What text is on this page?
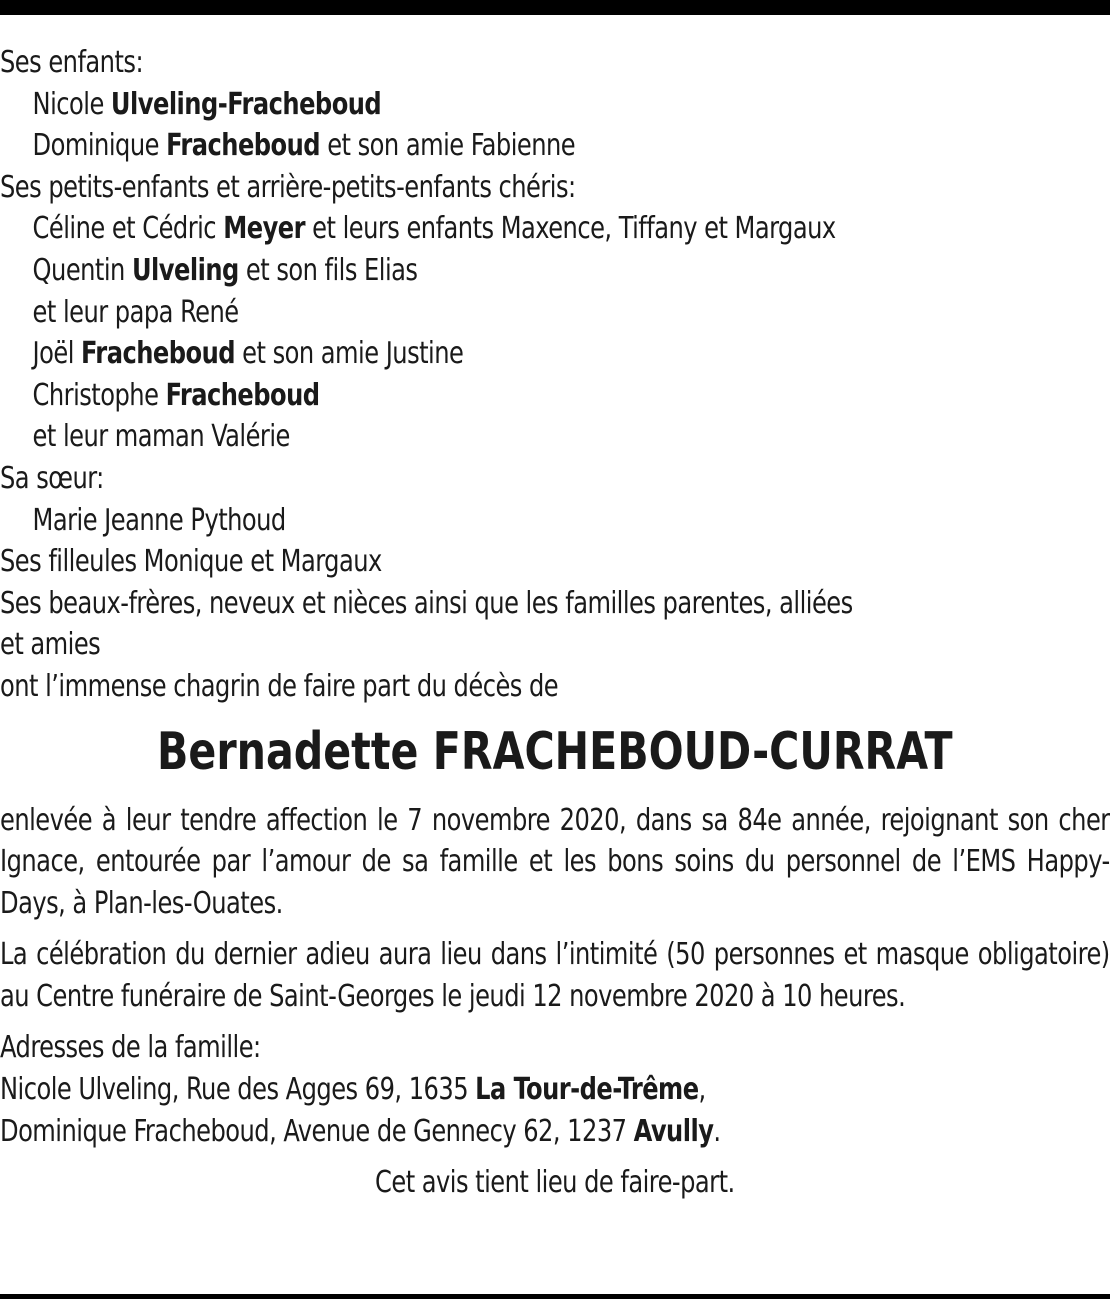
Ses enfants:
Nicole Ulveling-Fracheboud
Dominique Fracheboud et son amie Fabienne
Ses petits-enfants et arrière-petits-enfants chéris:
Céline et Cédric Meyer et leurs enfants Maxence, Tiffany et Margaux
Quentin Ulveling et son fils Elias
et leur papa René
Joël Fracheboud et son amie Justine
Christophe Fracheboud
et leur maman Valérie
Sa sœur:
Marie Jeanne Pythoud
Ses filleules Monique et Margaux
Ses beaux-frères, neveux et nièces ainsi que les familles parentes, alliées
et amies
ont l’immense chagrin de faire part du décès de
Bernadette FRACHEBOUD-CURRAT
enlevée à leur tendre affection le 7 novembre 2020, dans sa 84e année, rejoignant son cher Ignace, entourée par l’amour de sa famille et les bons soins du personnel de l’EMS Happy-Days, à Plan-les-Ouates.
La célébration du dernier adieu aura lieu dans l’intimité (50 personnes et masque obligatoire) au Centre funéraire de Saint-Georges le jeudi 12 novembre 2020 à 10 heures.
Adresses de la famille:
Nicole Ulveling, Rue des Agges 69, 1635 La Tour-de-Trême,
Dominique Fracheboud, Avenue de Gennecy 62, 1237 Avully.
Cet avis tient lieu de faire-part.
